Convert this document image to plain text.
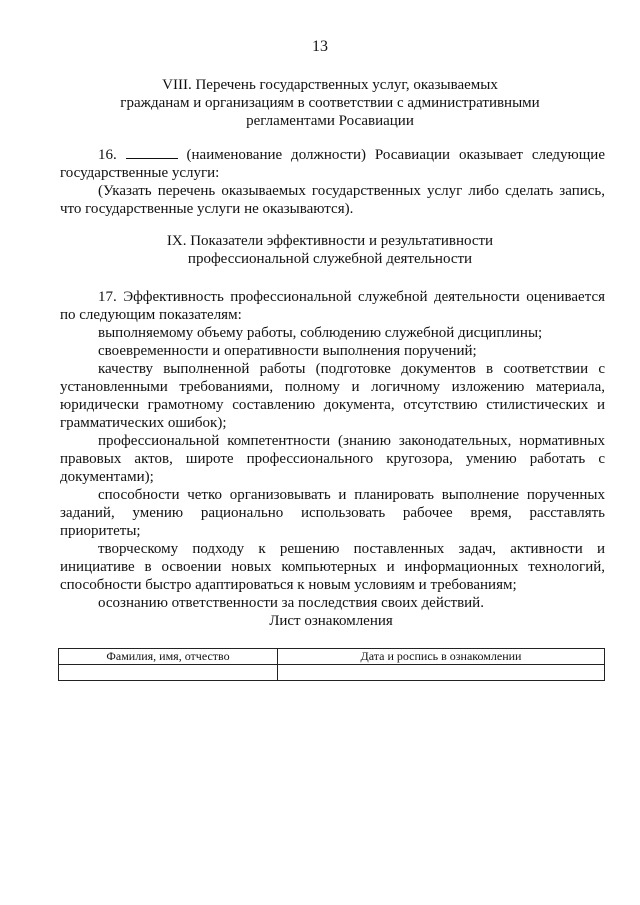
13
VIII. Перечень государственных услуг, оказываемых
гражданам и организациям в соответствии с административными
регламентами Росавиации

16.	(наименование должности) Росавиации оказывает следующие государственные услуги:

(Указать перечень оказываемых государственных услуг либо сделать запись, что государственные услуги не оказываются).

IX. Показатели эффективности и результативности
профессиональной служебной деятельности

17. Эффективность профессиональной служебной деятельности оценивается по следующим показателям:

выполняемому объему работы, соблюдению служебной дисциплины;

своевременности и оперативности выполнения поручений;

качеству выполненной работы (подготовке документов в соответствии с установленными требованиями, полному и логичному изложению материала, юридически грамотному составлению документа, отсутствию стилистических и грамматических ошибок);

профессиональной компетентности (знанию законодательных, нормативных правовых актов, широте профессионального кругозора, умению работать с документами);

способности четко организовывать и планировать выполнение порученных заданий, умению рационально использовать рабочее время, расставлять приоритеты;

творческому подходу к решению поставленных задач, активности и инициативе в освоении новых компьютерных и информационных технологий, способности быстро адаптироваться к новым условиям и требованиям;

осознанию ответственности за последствия своих действий.

Лист ознакомления
Фамилия, имя, отчество	Дата и роспись в ознакомлении
